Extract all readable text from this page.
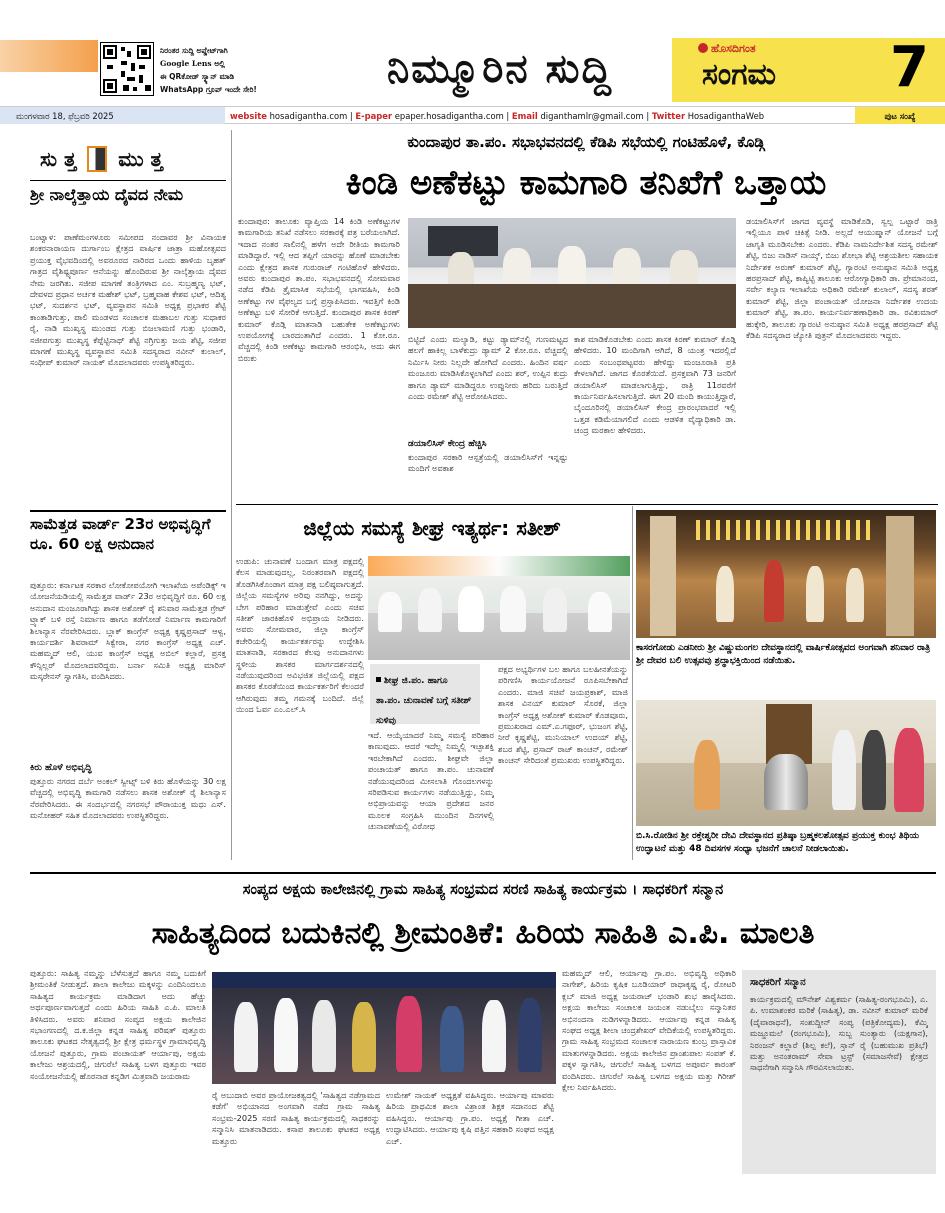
ನಿರಂತರ ಸುದ್ದಿ ಅಪ್ಡೇಟ್‌ಗಾಗಿ
Google Lens ಅಲ್ಲಿ
ಈ QRಕೋಡ್ ಸ್ಕ್ಯಾನ್ ಮಾಡಿ
WhatsApp ಗ್ರೂಪ್ ಇಂದೇ ಸೇರಿ!	ನಿಮ್ಮೂರಿನ ಸುದ್ದಿ	ಹೊಸದಿಗಂತ
ಸಂಗಮ 7
ಮಂಗಳವಾರ 18, ಫೆಬ್ರವರಿ 2025	website hosadigantha.com | E-paper epaper.hosadigantha.com | Email diganthamlr@gmail.com | Twitter HosadiganthaWeb	ಪುಟ ಸಂಖ್ಯೆ
ಸು ತ್ತ ಮು ತ್ತ
ಶ್ರೀ ನಾಲ್ಕೆತ್ತಾಯ ದೈವದ ನೇಮ
ಬಂಟ್ವಾಳ: ಪಾಣೆಮಂಗಳೂರು ಸಮೀಪದ ನಂದಾವರ ಶ್ರೀ ವಿನಾಯಕ ಶಂಕರನಾರಾಯಣ ದುರ್ಗಾಂಬ ಕ್ಷೇತ್ರದ ವಾರ್ಷಿಕ ಜಾತ್ರಾ ಮಹೋತ್ಸವದ ಪ್ರಯುಕ್ತ ವೈಭವದಿಂದಲ್ಲಿ ಅವರೂರದ ನಾರಿರದ ಒಂದು ಹಾಳಿಯ ಬೃಹತ್ ಗಾತ್ರದ ವೈಶಿಷ್ಟ್ಯಪೂರ್ಣ ಆನೆಯನ್ನು ಹೊಂದಿರುವ ಶ್ರೀ ನಾಲ್ಕೆತ್ತಾಯ ದೈವದ ನೇಮ ಜರಗಿತು. ಸಜೀಪ ಮಾಗಣೆ ತಂತ್ರಿಗಳಾದ ಎಂ. ಸುಬ್ರಹ್ಮಣ್ಯ ಭಟ್, ದೇವಳದ ಪ್ರಧಾನ ಅರ್ಚಕ ಮಹೇಶ್ ಭಟ್, ಬ್ರಹ್ಮವಾಹ ಕೇಶವ ಭಟ್, ಆದಿತ್ಯ ಭಟ್, ಸುದರ್ಶನ ಭಟ್, ವ್ಯವಸ್ಥಾಪನ ಸಮಿತಿ ಅಧ್ಯಕ್ಷ ಪ್ರಭಾಕರ ಶೆಟ್ಟಿ ಕಾಂತಾಡಿಗುತ್ತು, ಪಾಲಿ ಮಂಡಳದ ಸಂಚಾಲಕ ಮಹಾಬಲ ಗುತ್ತು ಸುಧಾಕರ ರೈ, ನಾಡಿ ಮುಖ್ಯಸ್ಥ ಮುಂಡದ ಗುತ್ತು ಬಿಜಲಾಮಣಿ ಗುತ್ತು ಭಂಡಾರಿ, ಸಜೀಪಗುತ್ತು ಮುಖ್ಯಸ್ಥ ಕೆಪ್ಪೆಟ್ಟಿನಾಥ್ ಶೆಟ್ಟಿ ನಗ್ರಿಗುತ್ತು ಜಯ ಶೆಟ್ಟಿ, ಸಜೀಪ ಮಾಗಣೆ ಮುಖ್ಯಸ್ಥ ವ್ಯವಸ್ಥಾಪನ ಸಮಿತಿ ಸದಸ್ಯರಾದ ನವೀನ್ ಕುಲಾಲ್, ಸಂಧೀಪ್ ಕುಮಾರ್ ನಾಯಕ್ ಮೊದಲಾದವರು ಉಪಸ್ಥಿತರಿದ್ದರು.
ಸಾಮೆತ್ತಡ ವಾರ್ಡ್ 23ರ ಅಭಿವೃದ್ಧಿಗೆ ರೂ. 60 ಲಕ್ಷ ಅನುದಾನ
ಪುತ್ತೂರು: ಕರ್ನಾಟಕ ಸರಕಾರ ಲೋಕೋಪಯೋಗಿ ಇಲಾಖೆಯ ಅಪೆಂಡಿಕ್ಸ್ ಇ ಯೋಜನೆಯಡಿಯಲ್ಲಿ ಸಾಮೆತ್ತಡ ವಾರ್ಡ್ 23ರ ಅಭಿವೃದ್ಧಿಗೆ ರೂ. 60 ಲಕ್ಷ ಅನುದಾನ ಮಂಜೂರಾಗಿದ್ದು ಶಾಸಕ ಅಶೋಕ್ ರೈ ಶನಿವಾರ ಸಾಮೆತ್ತಡ ಗ್ರೇಟ್ ಟ್ರ್ಯಾಕ್ ಬಳಿ ರಸ್ತೆ ನಿರ್ಮಾಣ ಹಾಗೂ ತಡೆಗೋಡೆ ನಿರ್ಮಾಣ ಕಾಮಗಾರಿಗೆ ಶಿಲಾನ್ಯಾಸ ನೆರವೇರಿಸಿದರು. ಬ್ಲಾಕ್ ಕಾಂಗ್ರೆಸ್ ಅಧ್ಯಕ್ಷ ಕೃಷ್ಣಪ್ರಸಾದ್ ಆಳ್ವ, ಕಾರ್ಯದರ್ಶಿ ಶಿವರಾಮ್ ಸಿಕ್ವೇರಾ, ನಗರ ಕಾಂಗ್ರೆಸ್ ಅಧ್ಯಕ್ಷ ಎಚ್. ಮಹಮ್ಮದ್ ಆಲಿ, ಯುವ ಕಾಂಗ್ರೆಸ್ ಅಧ್ಯಕ್ಷ ಅಬಿಲ್ ಕಲ್ಲಾರೆ, ಪ್ರಸಕ್ತ ಕೌನ್ಸಿಲ್ಲರ್ ಮೊದಲಾದವರಿದ್ದರು. ಬರ್ನಾ ಸಮಿತಿ ಅಧ್ಯಕ್ಷ ಮಾರಿಸ್ ಮಸ್ಕರೇನಸ್ ಸ್ವಾಗತಿಸಿ, ವಂದಿಸಿದರು.
ಕಿರು ಹೊಳೆ ಅಭಿವೃದ್ಧಿ
ಪುತ್ತೂರು ನಗರದ ದರ್ಬೆ ಅಂಕಲ್ ಸ್ವೀಟ್ಸ್ ಬಳಿ ಕಿರು ಹೊಳೆಯನ್ನು 30 ಲಕ್ಷ ವೆಚ್ಚದಲ್ಲಿ ಅಭಿವೃದ್ಧಿ ಕಾಮಗಾರಿ ನಡೆಸಲು ಶಾಸಕ ಅಶೋಕ್ ರೈ ಶಿಲಾನ್ಯಾಸ ನೆರವೇರಿಸಿದರು. ಈ ಸಂದರ್ಭದಲ್ಲಿ ನಗರಸಭೆ ಪೌರಾಯುಕ್ತ ಮಧು ಎಸ್. ಮನೋಹರ್ ಸಹಿತ ಮೊದಲಾದವರು ಉಪಸ್ಥಿತರಿದ್ದರು.
ಕುಂದಾಪುರ ತಾ.ಪಂ. ಸಭಾಭವನದಲ್ಲಿ ಕೆಡಿಪಿ ಸಭೆಯಲ್ಲಿ ಗಂಟಿಹೊಳೆ, ಕೊಡ್ಗಿ
ಕಿಂಡಿ ಅಣೆಕಟ್ಟು ಕಾಮಗಾರಿ ತನಿಖೆಗೆ ಒತ್ತಾಯ
ಕುಂದಾಪುರ: ತಾಲೂಕು ವ್ಯಾಪ್ತಿಯ 14 ಕಿಂಡಿ ಅಣೆಕಟ್ಟುಗಳ ಕಾಮಗಾರಿಯ ತನಿಖೆ ನಡೆಸಲು ಸರಕಾರಕ್ಕೆ ಪತ್ರ ಬರೆಯಲಾಗಿದೆ. ಇದಾದ ನಂತರ ಸಾಲಿನಲ್ಲಿ ಹಳೆಗ ಅದೇ ರೀತಿಯ ಕಾಮಗಾರಿ ಮಾಡಿದ್ದಾರೆ. ಇಲ್ಲಿ ಆದ ತಪ್ಪಿಗೆ ಯಾರನ್ನು ಹೊಣೆ ಮಾಡಬೇಕು ಎಂದು ಕ್ಷೇತ್ರದ ಶಾಸಕ ಗುರುರಾಜ್ ಗಂಟಿಹೊಳೆ ಹೇಳಿದರು. ಅವರು ಕುಂದಾಪುರ ತಾ.ಪಂ. ಸಭಾಭವನದಲ್ಲಿ ಸೋಮವಾರ ನಡೆದ ಕೆಡಿಪಿ ತ್ರೈಮಾಸಿಕ ಸಭೆಯಲ್ಲಿ ಭಾಗವಹಿಸಿ, ಕಿಂಡಿ ಅಣೆಕಟ್ಟು ಗಳ ವೈಫಲ್ಯದ ಬಗ್ಗೆ ಪ್ರಸ್ತಾಪಿಸಿದರು. ಇವತ್ತಿಗೆ ಕಿಂಡಿ ಅಣೆಕಟ್ಟು ಬಳಿ ಸೋರಿಕೆ ಆಗುತ್ತಿದೆ. ಕುಂದಾಪುರ ಶಾಸಕ ಕಿರಣ್ ಕುಮಾರ್ ಕೊಡ್ಗಿ ಮಾತನಾಡಿ ಬಹುತೇಕ ಅಣೆಕಟ್ಟುಗಳು ಉಪಯೋಗಕ್ಕೆ ಬಾರದಂತಾಗಿದೆ ಎಂದರು. 1 ಕೋ.ರೂ. ವೆಚ್ಚದಲ್ಲಿ ಕಿಂಡಿ ಅಣೆಕಟ್ಟು ಕಾಮಗಾರಿ ಆರಂಭಿಸಿ, ಅದು ಈಗ ಬಿರುಕು
ಬಿಟ್ಟಿದೆ ಎಂದು ಮಲ್ಯಾಡಿ, ಕಟ್ಟು ಡ್ಯಾಮ್‌ನಲ್ಲಿ ಗುಣಮಟ್ಟದ ಹಲಗೆ ಹಾಕಿಲ್ಲ ಬಾಳೆಕುದ್ರು ಡ್ಯಾಮ್ 2 ಕೋ.ರೂ. ವೆಚ್ಚದಲ್ಲಿ ನಿರ್ಮಿಸಿ ನೀರು ನಿಲ್ಲದೇ ಹೋಗಿದೆ ಎಂದರು. ಹಿಂದಿನ ವರ್ಷ ಮಂಜೂರು ಮಾಡಿಸಿಕೊಳ್ಳಲಾಗಿದೆ ಎಂದು ಶರ್, ಉಪ್ಪಿನ ಕುದ್ರು ಹಾಗೂ ಡ್ಯಾಮ್ ಮಾಡಿದ್ದರೂ ಉಪ್ಪುನೀರು ಹರಿದು ಬರುತ್ತಿದೆ ಎಂದು ರಮೇಶ್ ಶೆಟ್ಟಿ ಆರೋಪಿಸಿದರು.
ಡಯಾಲಿಸಿಸ್ ಕೇಂದ್ರ ಹೆಚ್ಚಿಸಿ
ಕುಂದಾಪುರ ಸರಕಾರಿ ಆಸ್ಪತ್ರೆಯಲ್ಲಿ ಡಯಾಲಿಸಿಸ್‌ಗೆ ಇನ್ನಷ್ಟು ಮಂದಿಗೆ ಅವಕಾಶ
ಕಾಶ ಮಾಡಿಕೊಡಬೇಕು ಎಂದು ಶಾಸಕ ಕಿರಣ್ ಕುಮಾರ್ ಕೊಡ್ಗಿ ಹೇಳಿದರು. 10 ಮಂದಿಗಾಗಿ ಆಗಿದೆ, 8 ಯಂತ್ರ ಇದರಲ್ಲಿದೆ ಎಂದು ಸಂಬಂಧಪಟ್ಟವರು ಹೇಳಿದ್ದು ಮಂಜೂರಾತಿ ಪ್ರತಿ ಕೇಳಲಾಗಿದೆ. ಜಾಗದ ಕೊರತೆಯಿದೆ. ಪ್ರಸಕ್ತವಾಗಿ 73 ಜನರಿಗೆ ಡಯಾಲಿಸಿಸ್ ಮಾಡಲಾಗುತ್ತಿದ್ದು, ರಾತ್ರಿ 11ರವರೆಗೆ ಕಾರ್ಯನಿರ್ವಹಿಸಲಾಗುತ್ತಿದೆ. ಈಗ 20 ಮಂದಿ ಕಾಯುತ್ತಿದ್ದಾರೆ, ಬೈಂದೂರಿನಲ್ಲಿ ಡಯಾಲಿಸಿಸ್ ಕೇಂದ್ರ ಪ್ರಾರಂಭವಾದರೆ ಇಲ್ಲಿ ಒತ್ತಡ ಕಡಿಮೆಯಾಗಲಿದೆ ಎಂದು ಆಡಳಿತ ವೈದ್ಯಾಧಿಕಾರಿ ಡಾ. ಚಂದ್ರ ಮರಕಾಲ ಹೇಳಿದರು.
ಡಯಾಲಿಸಿಸ್‌ಗೆ ಜಾಗದ ವ್ಯವಸ್ಥೆ ಮಾಡಿಕೊಡಿ, ಸ್ವಲ್ಪ ಒಟ್ಟಾರೆ ರಾತ್ರಿ ಇಲ್ಲಿಯೂ ಪಾಳಿ ಚಿಕಿತ್ಸೆ ನೀಡಿ. ಅಲ್ಲದೆ ಆಯುಷ್ಮಾನ್ ಯೋಜನೆ ಬಗ್ಗೆ ಜಾಗೃತಿ ಮೂಡಿಸಬೇಕು ಎಂದರು. ಕೆಡಿಪಿ ನಾಮನಿರ್ದೇಶಿತ ಸದಸ್ಯ ರಮೇಶ್ ಶೆಟ್ಟಿ, ಬಿಜು ನಾಡಿಸ್ ನಾಯ್ಕ್, ಬಿಜು ಶೋಭಾ ಶೆಟ್ಟಿ ಆಶ್ರಯಶೀಲ ಸಹಾಯಕ ನಿರ್ದೇಶಕ ಅರುಣ್ ಕುಮಾರ್ ಶೆಟ್ಟಿ, ಗ್ಯಾರಂಟಿ ಅನುಷ್ಠಾನ ಸಮಿತಿ ಅಧ್ಯಕ್ಷ ಹರಪ್ರಸಾದ್ ಶೆಟ್ಟಿ, ಕಾಪ್ಯಿಟ್ಟಿ ತಾಲೂಕು ಆರೋಗ್ಯಾಧಿಕಾರಿ ಡಾ. ಪ್ರೇಮಾನಂದ, ಸರ್ವೇ ಕಲ್ಯಾಣ ಇಲಾಖೆಯ ಅಧಿಕಾರಿ ರಮೇಶ್ ಕುಲಾಲ್, ಸದಸ್ಯ ಶರತ್ ಕುಮಾರ್ ಶೆಟ್ಟಿ, ಜಿಲ್ಲಾ ಪಂಚಾಯತ್ ಯೋಜನಾ ನಿರ್ದೇಶಕ ಉದಯ ಕುಮಾರ್ ಶೆಟ್ಟಿ, ತಾ.ಪಂ. ಕಾರ್ಯನಿರ್ವಹಣಾಧಿಕಾರಿ ಡಾ. ರವಿಕುಮಾರ್ ಹುಕ್ಕೇರಿ, ತಾಲೂಕು ಗ್ಯಾರಂಟಿ ಅನುಷ್ಠಾನ ಸಮಿತಿ ಅಧ್ಯಕ್ಷ ಹರಪ್ರಸಾದ್ ಶೆಟ್ಟಿ ಕೆಡಿಪಿ ಸದಸ್ಯರಾದ ಜ್ಯೋತಿ ಪುತ್ರನ್ ಮೊದಲಾದವರು ಇದ್ದರು.
ಜಿಲ್ಲೆಯ ಸಮಸ್ಯೆ ಶೀಘ್ರ ಇತ್ಯರ್ಥ: ಸತೀಶ್
ಉಡುಪಿ: ಚುನಾವಣೆ ಬಂದಾಗ ಮಾತ್ರ ಪಕ್ಷದಲ್ಲಿ ಕೆಲಸ ಮಾಡುವುದಲ್ಲ, ನಿರಂತರವಾಗಿ ಪಕ್ಷದಲ್ಲಿ ತೊಡಗಿಸಿಕೊಂಡಾಗ ಮಾತ್ರ ಪಕ್ಷ ಬಲಿಷ್ಠವಾಗುತ್ತದೆ. ಜಿಲ್ಲೆಯ ಸಮಸ್ಯೆಗಳ ಅರಿವು ನನಗಿದ್ದು, ಅದನ್ನು ಬೇಗ ಪರಿಹಾರ ಮಾಡುತ್ತೇವೆ ಎಂದು ಸಚಿವ ಸತೀಶ್ ಜಾರಕಿಹೊಳಿ ಅಭಿಪ್ರಾಯ ನೀಡಿದರು. ಅವರು ಸೋಮವಾರ, ಜಿಲ್ಲಾ ಕಾಂಗ್ರೆಸ್ ಕಚೇರಿಯಲ್ಲಿ ಕಾರ್ಯಕರ್ತರನ್ನು ಉದ್ದೇಶಿಸಿ ಮಾತನಾಡಿ, ಸರಕಾರದ ಕೆಲವು ಅನುದಾನಗಳು ಸ್ಥಳೀಯ ಶಾಸಕರ ಮಾರ್ಗದರ್ಶನದಲ್ಲಿ ನಡೆಯುವುದರಿಂದ ಅವಿಭಜಿತ ಜಿಲ್ಲೆಯಲ್ಲಿ ಪಕ್ಷದ ಶಾಸಕರ ಕೊರತೆಯಿಂದ ಕಾರ್ಯಕರ್ತರಿಗೆ ಕೆಲಂದರೆ ಆಗಿರುವುದು ತಮ್ಮ ಗಮನಕ್ಕೆ ಬಂದಿದೆ. ಜಿಲ್ಲೆ ಯಿಂದ ಓರ್ವ ಎಂ.ಎಲ್.ಸಿ
ಶೀಘ್ರ ಜಿ.ಪಂ. ಹಾಗೂ ತಾ.ಪಂ. ಚುನಾವಣೆ ಬಗ್ಗೆ ಸತೀಶ್ ಸುಳಿವು
ಇದೆ. ಆಯ್ಕೆಯಾದರೆ ನಿಮ್ಮ ಸಮಸ್ಯೆ ಪರಿಹಾರ ಕಾಣುವುದು. ಆದರೆ ಇದೆಲ್ಲ ನಿಮ್ಮಲ್ಲಿ ಇಚ್ಛಾಶಕ್ತಿ ಇರಬೇಕಾಗಿದೆ ಎಂದರು. ಶೀಘ್ರವೇ ಜಿಲ್ಲಾ ಪಂಚಾಯತ್ ಹಾಗೂ ತಾ.ಪಂ. ಚುನಾವಣೆ ನಡೆಯುವುದರಿಂದ ಮೀಸಲಾತಿ ಗೊಂದಲಗಳನ್ನು ಸರಿಪಡಿಸುವ ಕಾರ್ಯಗಳು ನಡೆಯುತ್ತಿದ್ದು, ನಿಮ್ಮ ಅಭಿಪ್ರಾಯವನ್ನು ಆಯಾ ಪ್ರದೇಶದ ಜನರ ಮೂಲಕ ಸಂಗ್ರಹಿಸಿ ಮುಂದಿನ ದಿನಗಳಲ್ಲಿ ಚುನಾವಣೆಯಲ್ಲಿ ವಿರೋಧ
ಪಕ್ಷದ ಅಭ್ಯರ್ಥಿಗಳ ಬಲ ಹಾಗೂ ಬಲಹೀನತೆಯನ್ನು ಪರಿಗಣಿಸಿ ಕಾರ್ಯಯೋಜನೆ ರೂಪಿಸಬೇಕಾಗಿದೆ ಎಂದರು. ಮಾಜಿ ಸಚಿವೆ ಜಯಪ್ರಕಾಶ್, ಮಾಜಿ ಶಾಸಕ ವಿನಯ್ ಕುಮಾರ್ ಸೊರಕೆ, ಜಿಲ್ಲಾ ಕಾಂಗ್ರೆಸ್ ಅಧ್ಯಕ್ಷ ಅಶೋಕ್ ಕುಮಾರ್ ಕೊಡವೂರು, ಪ್ರಮುಖರಾದ ಎಮ್.ಎ.ಗಫೂರ್, ಭುಜಂಗ ಶೆಟ್ಟಿ, ನೀರೆ ಕೃಷ್ಣಶೆಟ್ಟಿ, ಮುನಿಯಾಲ್ ಉದಯ್ ಶೆಟ್ಟಿ, ಶಬರ ಶೆಟ್ಟಿ, ಪ್ರಸಾದ್ ರಾಜ್ ಕಾಂಚನ್, ರಮೇಶ್ ಕಾಂಚನ್ ಸೇರಿದಂತೆ ಪ್ರಮುಖರು ಉಪಸ್ಥಿತರಿದ್ದರು.
ಕಾಸರಗೋಡು ಎಡನೀರು ಶ್ರೀ ವಿಷ್ಣುಮಂಗಲ ದೇವಸ್ಥಾನದಲ್ಲಿ ವಾರ್ಷಿಕೋತ್ಸವದ ಅಂಗವಾಗಿ ಶನಿವಾರ ರಾತ್ರಿ ಶ್ರೀ ದೇವರ ಬಲಿ ಉತ್ಸವವು ಶ್ರದ್ಧಾಭಕ್ತಿಯಿಂದ ನಡೆಯಿತು.
ಬಿ.ಸಿ.ರೋಡಿನ ಶ್ರೀ ರಕ್ತೇಶ್ವರೀ ದೇವಿ ದೇವಸ್ಥಾನದ ಪ್ರತಿಷ್ಠಾ ಬ್ರಹ್ಮಕಲಶೋತ್ಸವ ಪ್ರಯುಕ್ತ ಕುಂಭ ತಿಥಿಯ ಉದ್ಘಾಟನೆ ಮತ್ತು 48 ದಿವಸಗಳ ಸಂಧ್ಯಾ ಭಜನೆಗೆ ಚಾಲನೆ ನೀಡಲಾಯಿತು.
ಸಂಪ್ಯದ ಅಕ್ಷಯ ಕಾಲೇಜಿನಲ್ಲಿ ಗ್ರಾಮ ಸಾಹಿತ್ಯ ಸಂಭ್ರಮದ ಸರಣಿ ಸಾಹಿತ್ಯ ಕಾರ್ಯಕ್ರಮ । ಸಾಧಕರಿಗೆ ಸನ್ಮಾನ
ಸಾಹಿತ್ಯದಿಂದ ಬದುಕಿನಲ್ಲಿ ಶ್ರೀಮಂತಿಕೆ: ಹಿರಿಯ ಸಾಹಿತಿ ಎ.ಪಿ. ಮಾಲತಿ
ಪುತ್ತೂರು: ಸಾಹಿತ್ಯ ನಮ್ಮನ್ನು ಬೆಳೆಸುತ್ತದೆ ಹಾಗೂ ನಮ್ಮ ಬದುಕಿಗೆ ಶ್ರೀಮಂತಿಕೆ ನೀಡುತ್ತದೆ. ಶಾಲಾ ಕಾಲೇಜು ಮಕ್ಕಳನ್ನು ಎಂದಿನಿಂದಲೂ ಸಾಹಿತ್ಯದ ಕಾರ್ಯಕ್ರಮ ಮಾಡಿದಾಗ ಅದು ಹೆಚ್ಚು ಅರ್ಥಪೂರ್ಣವಾಗುತ್ತದೆ ಎಂದು ಹಿರಿಯ ಸಾಹಿತಿ ಎ.ಪಿ. ಮಾಲತಿ ತಿಳಿಸಿದರು. ಅವರು ಶನಿವಾರ ಸಂಪ್ಯದ ಅಕ್ಷಯ ಕಾಲೇಜಿನ ಸಭಾಂಗಣದಲ್ಲಿ ದ.ಕ.ಜಿಲ್ಲಾ ಕನ್ನಡ ಸಾಹಿತ್ಯ ಪರಿಷತ್ ಪುತ್ತೂರು ತಾಲೂಕು ಘಟಕದ ನೇತೃತ್ವದಲ್ಲಿ ಶ್ರೀ ಕ್ಷೇತ್ರ ಧರ್ಮಸ್ಥಳ ಗ್ರಾಮಾಭಿವೃದ್ಧಿ ಯೋಜನೆ ಪುತ್ತೂರು, ಗ್ರಾಮ ಪಂಚಾಯತ್ ಆರ್ಯಾಪು, ಅಕ್ಷಯ ಕಾಲೇಜು ಆಶ್ರಯದಲ್ಲಿ, ಚಿಗುರೆಲೆ ಸಾಹಿತ್ಯ ಬಳಗ ಪುತ್ತೂರು ಇವರ ಸಂಯೋಜನೆಯಲ್ಲಿ ಹೊರನಾಡ ಕನ್ನಡಿಗ ಮಿತ್ರವಾದಿ ಜಯರಾಮ
ರೈ ಅಬುದಾಬಿ ಅವರ ಪ್ರಾಯೋಜಕತ್ವದಲ್ಲಿ 'ಸಾಹಿತ್ಯದ ನಡೆಗ್ರಾಮದ ಕಡೆಗೆ' ಅಭಿಯಾನದ ಅಂಗವಾಗಿ ನಡೆದ ಗ್ರಾಮ ಸಾಹಿತ್ಯ ಸಂಭ್ರಮ-2025 ಸರಣಿ ಸಾಹಿತ್ಯ ಕಾರ್ಯಕ್ರಮದಲ್ಲಿ ಸಾಧಕರನ್ನು ಸನ್ಮಾನಿಸಿ ಮಾತನಾಡಿದರು. ಕಸಾಪ ತಾಲೂಕು ಘಟಕದ ಅಧ್ಯಕ್ಷ ಮತ್ತೂರು
ಉಮೇಶ್ ನಾಯಕ್ ಅಧ್ಯಕ್ಷತೆ ವಹಿಸಿದ್ದರು. ಆರ್ಯಾಪು ಮಾವರು ಹಿರಿಯ ಪ್ರಾಥಮಿಕ ಶಾಲಾ ವಿಶ್ರಾಂತ ಶಿಕ್ಷಕ ಸದಾನಂದ ಶೆಟ್ಟಿ ವಹಿಸಿದ್ದರು. ಆರ್ಯಾಪು ಗ್ರಾ.ಪಂ. ಅಧ್ಯಕ್ಷೆ ಗೀತಾ ಎಚ್. ಉದ್ಘಾಟಿಸಿದರು. ಆರ್ಯಾಪು ಕೃಷಿ ಪತ್ತಿನ ಸಹಕಾರಿ ಸಂಘದ ಅಧ್ಯಕ್ಷ ಎಚ್.
ಮಹಮ್ಮದ್ ಆಲಿ, ಆರ್ಯಾಪು ಗ್ರಾ.ಪಂ. ಅಭಿವೃದ್ಧಿ ಅಧಿಕಾರಿ ನಾಗೇಶ್, ಹಿರಿಯ ಕೃಷಿಕ ಬೂಡಿಯಾರ್ ರಾಧಾಕೃಷ್ಣ ರೈ, ರೋಟರಿ ಕ್ಲಬ್ ಮಾಜಿ ಅಧ್ಯಕ್ಷ ಜಯರಾಜ್ ಭಂಡಾರಿ ಶುಭ ಹಾರೈಸಿದರು. ಅಕ್ಷಯ ಕಾಲೇಜು ಸಂಚಾಲಕ ಜಯಂತ ನಡುಬೈಲು ಸನ್ಮಾನಿತರ ಅಭಿನಂದನಾ ನುಡಿಗಳನ್ನಾಡಿದರು. ಆರ್ಯಾಪು ಕನ್ನಡ ಸಾಹಿತ್ಯ ಸಂಘದ ಅಧ್ಯಕ್ಷ ಶೀಲಾ ಚಂದ್ರಶೇಖರ್ ವೇದಿಕೆಯಲ್ಲಿ ಉಪಸ್ಥಿತರಿದ್ದರು. ಗ್ರಾಮ ಸಾಹಿತ್ಯ ಸಂಭ್ರಮದ ಸಂಚಾಲಕ ನಾರಾಯಣ ಕುಂಬ್ರ ಪ್ರಾಸ್ತಾವಿಕ ಮಾತುಗಳನ್ನಾಡಿದರು. ಅಕ್ಷಯ ಕಾಲೇಜಿನ ಪ್ರಾಂಶುಪಾಲ ಸಂಪತ್ ಕೆ. ಪಕ್ಕಳ ಸ್ವಾಗತಿಸಿ, ಚಿಗುರೆಲೆ ಸಾಹಿತ್ಯ ಬಳಗದ ಅಪೂರ್ವ ಕಾರಂತ್ ವಂದಿಸಿದರು. ಚಿಗುರೆಲೆ ಸಾಹಿತ್ಯ ಬಳಗದ ಅಕ್ಷಯ ಮತ್ತು ಗಿರೀಶ್ ಕ್ಷೇಲ ನಿರ್ವಹಿಸಿದರು.
ಸಾಧಕರಿಗೆ ಸನ್ಮಾನ
ಕಾರ್ಯಕ್ರಮದಲ್ಲಿ ಮೌನೇಶ್ ವಿಶ್ವಕರ್ಮ (ಸಾಹಿತ್ಯ-ರಂಗಭೂಮಿ), ಎ. ಪಿ. ಉಮಾಶಂಕರ ಮರಿಕೆ (ಸಾಹಿತ್ಯ), ಡಾ. ನವೀನ್ ಕುಮಾರ್ ಮರಿಕೆ (ದೈವಾರಾಧನೆ), ಸಂಶುದ್ದೀನ್ ಸಂಪ್ಯ (ಪತ್ರಿಕೋದ್ಯಮ), ಕೆಮ್ಮಿ ಮಜ್ಜೂಮಲೆ (ರಂಗಭೂಮಿ), ಸುಬ್ಬ ಸುಂತ್ಯಾರು (ಯಕ್ಷಗಾನ), ನಿರಂಜನ್ ಕಲ್ಲಾರೆ (ಶಿಲ್ಪ ಕಲೆ), ಸ್ತಾನ್ ರೈ (ಬಹುಮುಖ ಪ್ರತಿಭೆ) ಮತ್ತು ಅನಂತರಾಮ್ ಸೇವಾ ಟ್ರಸ್ಟ್ (ಸಮಾಜಸೇವೆ) ಕ್ಷೇತ್ರದ ಸಾಧನೆಗಾಗಿ ಸನ್ಮಾನಿಸಿ ಗೌರವಿಸಲಾಯಿತು.
